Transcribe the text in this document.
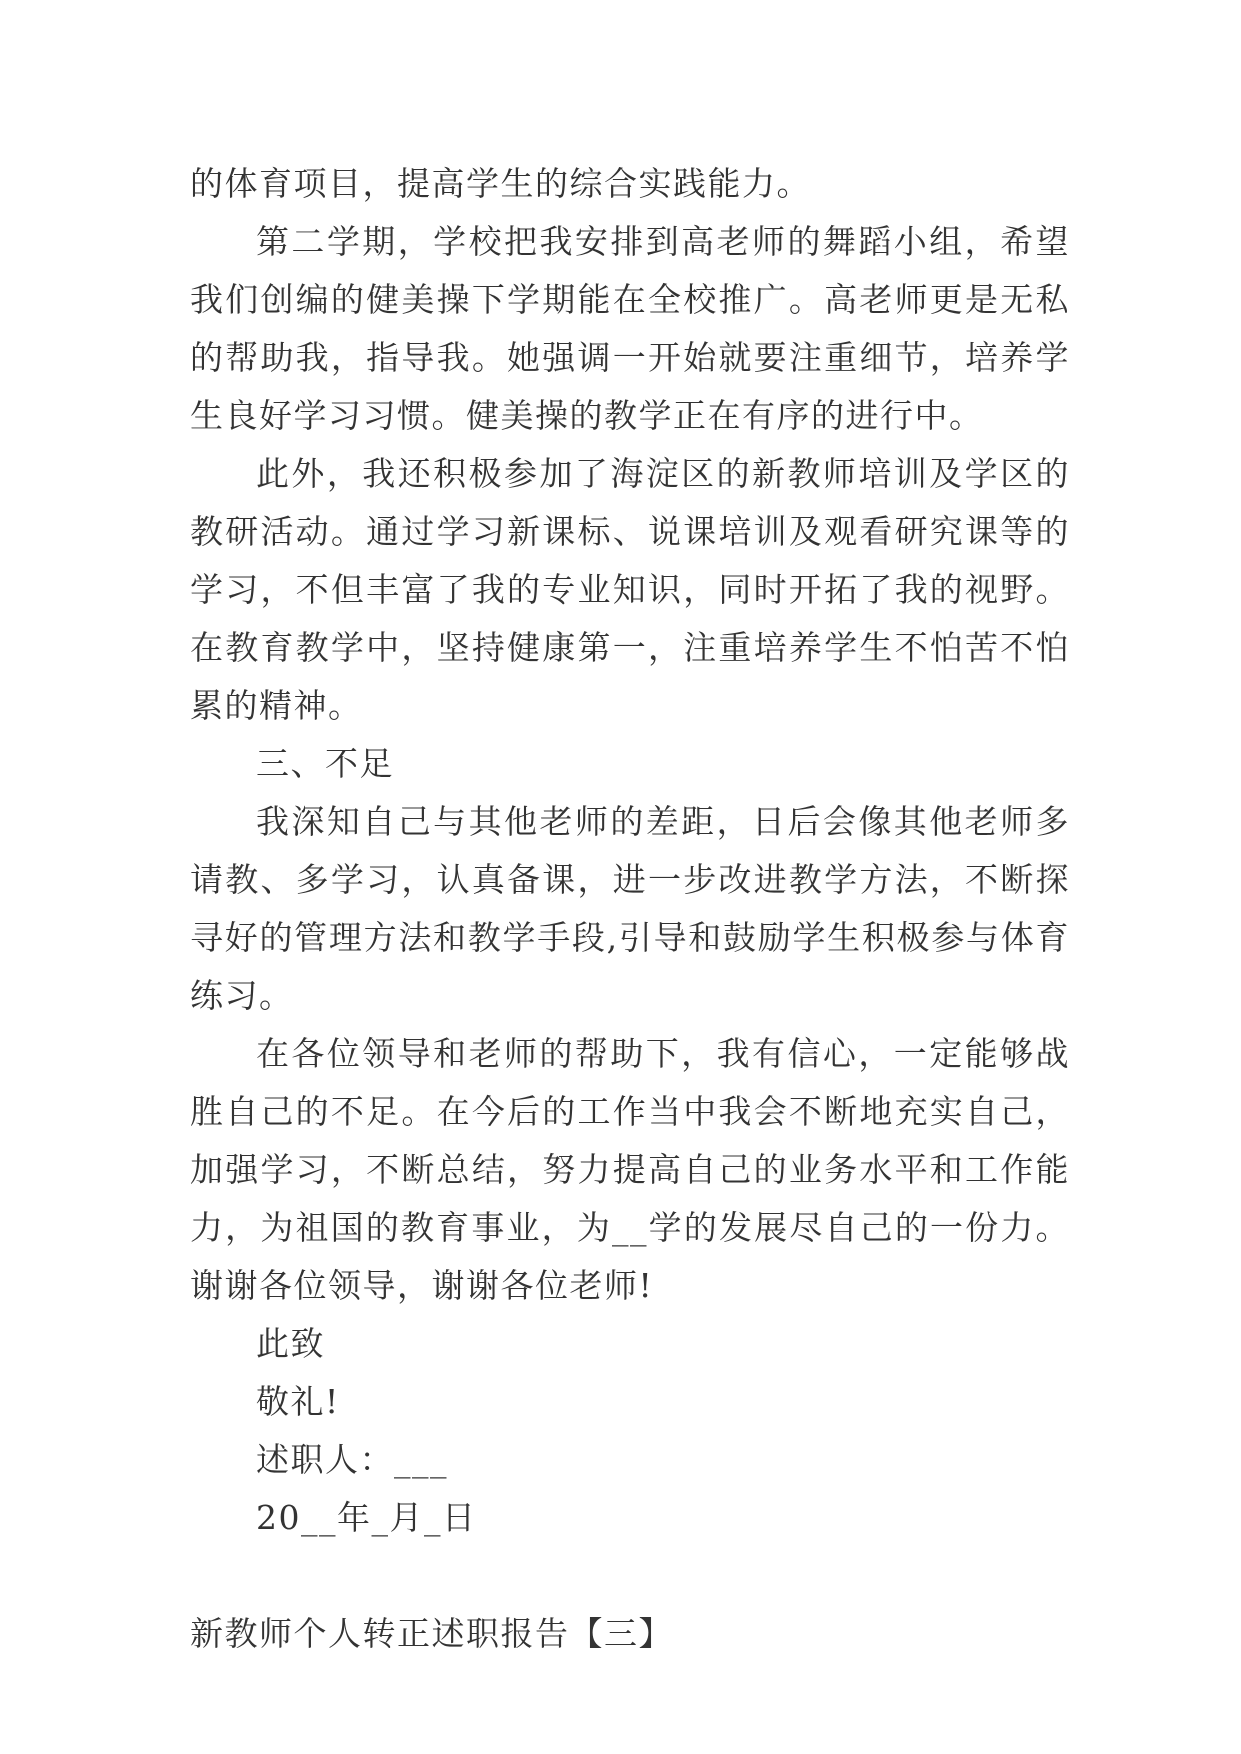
的体育项目，提高学生的综合实践能力。

第二学期，学校把我安排到高老师的舞蹈小组，希望我们创编的健美操下学期能在全校推广。高老师更是无私的帮助我，指导我。她强调一开始就要注重细节，培养学生良好学习习惯。健美操的教学正在有序的进行中。

此外，我还积极参加了海淀区的新教师培训及学区的教研活动。通过学习新课标、说课培训及观看研究课等的学习，不但丰富了我的专业知识，同时开拓了我的视野。在教育教学中，坚持健康第一，注重培养学生不怕苦不怕累的精神。

三、不足

我深知自己与其他老师的差距，日后会像其他老师多请教、多学习，认真备课，进一步改进教学方法，不断探寻好的管理方法和教学手段,引导和鼓励学生积极参与体育练习。

在各位领导和老师的帮助下，我有信心，一定能够战胜自己的不足。在今后的工作当中我会不断地充实自己，加强学习，不断总结，努力提高自己的业务水平和工作能力，为祖国的教育事业，为__学的发展尽自己的一份力。谢谢各位领导，谢谢各位老师!

此致

敬礼!

述职人：___

20__年_月_日

新教师个人转正述职报告【三】
